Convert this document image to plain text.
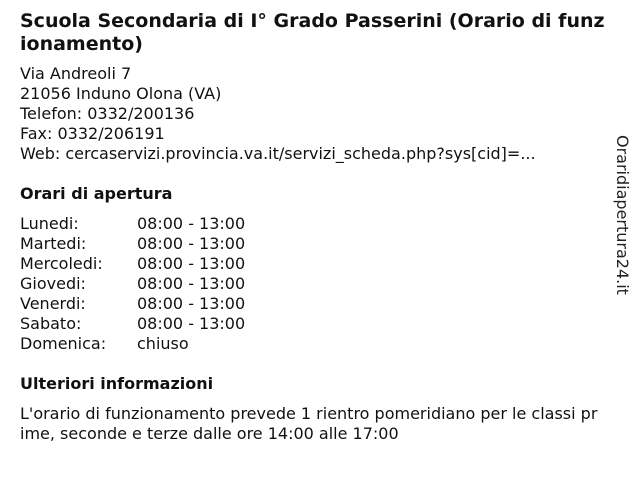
Scuola Secondaria di I° Grado Passerini (Orario di funzionamento)
Via Andreoli 7
21056 Induno Olona (VA)
Telefon: 0332/200136
Fax: 0332/206191
Web: cercaservizi.provincia.va.it/servizi_scheda.php?sys[cid]=...
Orari di apertura
Lunedi:	08:00 - 13:00
Martedi:	08:00 - 13:00
Mercoledi:	08:00 - 13:00
Giovedi:	08:00 - 13:00
Venerdi:	08:00 - 13:00
Sabato:	08:00 - 13:00
Domenica:	chiuso
Ulteriori informazioni
L'orario di funzionamento prevede 1 rientro pomeridiano per le classi prime, seconde e terze dalle ore 14:00 alle 17:00
Oraridiapertura24.it
